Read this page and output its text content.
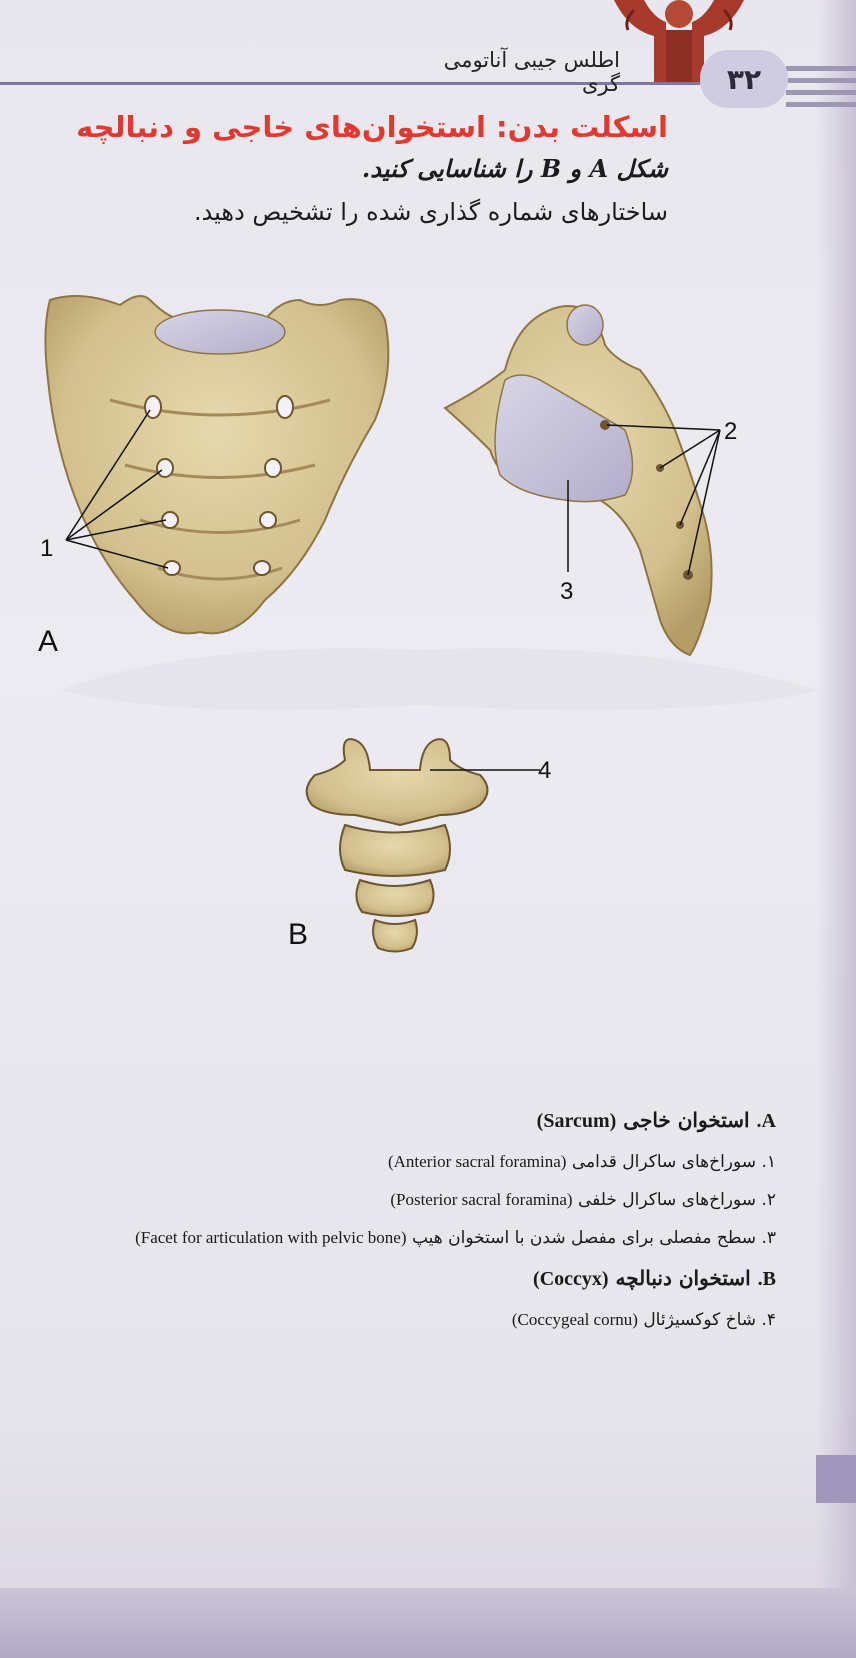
اطلس جیبی آناتومی گری	۳۲
اسکلت بدن: استخوان‌های خاجی و دنبالچه
شکل A و B را شناسایی کنید.
ساختارهای شماره گذاری شده را تشخیص دهید.
A
B
1
2
3
4
A. استخوان خاجی (Sarcum)
۱. سوراخ‌های ساکرال قدامی (Anterior sacral foramina)
۲. سوراخ‌های ساکرال خلفی (Posterior sacral foramina)
۳. سطح مفصلی برای مفصل شدن با استخوان هیپ (Facet for articulation with pelvic bone)
B. استخوان دنبالچه (Coccyx)
۴. شاخ کوکسیژئال (Coccygeal cornu)
